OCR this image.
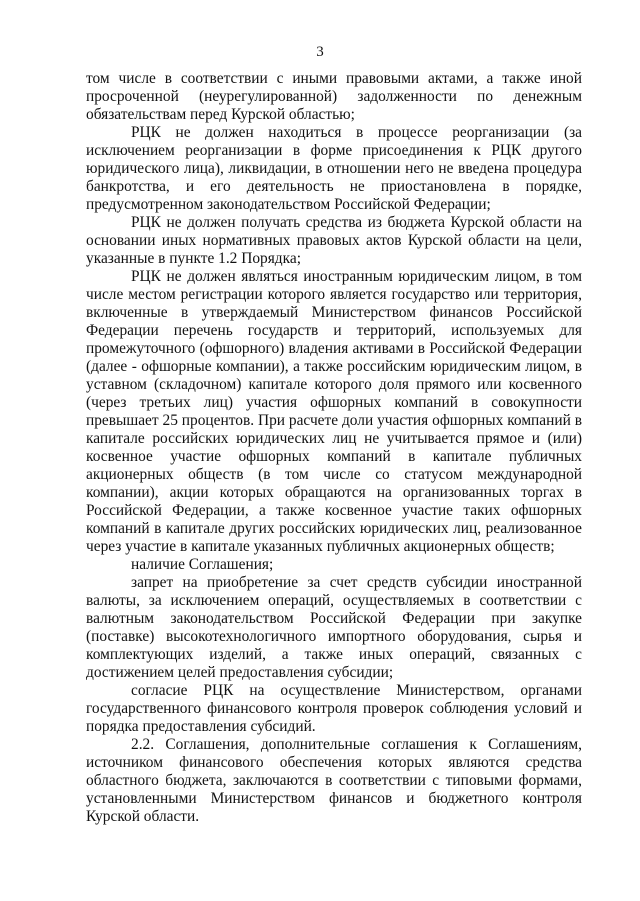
3

том числе в соответствии с иными правовыми актами, а также иной просроченной (неурегулированной) задолженности по денежным обязательствам перед Курской областью;

РЦК не должен находиться в процессе реорганизации (за исключением реорганизации в форме присоединения к РЦК другого юридического лица), ликвидации, в отношении него не введена процедура банкротства, и его деятельность не приостановлена в порядке, предусмотренном законодательством Российской Федерации;

РЦК не должен получать средства из бюджета Курской области на основании иных нормативных правовых актов Курской области на цели, указанные в пункте 1.2 Порядка;

РЦК не должен являться иностранным юридическим лицом, в том числе местом регистрации которого является государство или территория, включенные в утверждаемый Министерством финансов Российской Федерации перечень государств и территорий, используемых для промежуточного (офшорного) владения активами в Российской Федерации (далее - офшорные компании), а также российским юридическим лицом, в уставном (складочном) капитале которого доля прямого или косвенного (через третьих лиц) участия офшорных компаний в совокупности превышает 25 процентов. При расчете доли участия офшорных компаний в капитале российских юридических лиц не учитывается прямое и (или) косвенное участие офшорных компаний в капитале публичных акционерных обществ (в том числе со статусом международной компании), акции которых обращаются на организованных торгах в Российской Федерации, а также косвенное участие таких офшорных компаний в капитале других российских юридических лиц, реализованное через участие в капитале указанных публичных акционерных обществ;

наличие Соглашения;

запрет на приобретение за счет средств субсидии иностранной валюты, за исключением операций, осуществляемых в соответствии с валютным законодательством Российской Федерации при закупке (поставке) высокотехнологичного импортного оборудования, сырья и комплектующих изделий, а также иных операций, связанных с достижением целей предоставления субсидии;

согласие РЦК на осуществление Министерством, органами государственного финансового контроля проверок соблюдения условий и порядка предоставления субсидий.

2.2. Соглашения, дополнительные соглашения к Соглашениям, источником финансового обеспечения которых являются средства областного бюджета, заключаются в соответствии с типовыми формами, установленными Министерством финансов и бюджетного контроля Курской области.
